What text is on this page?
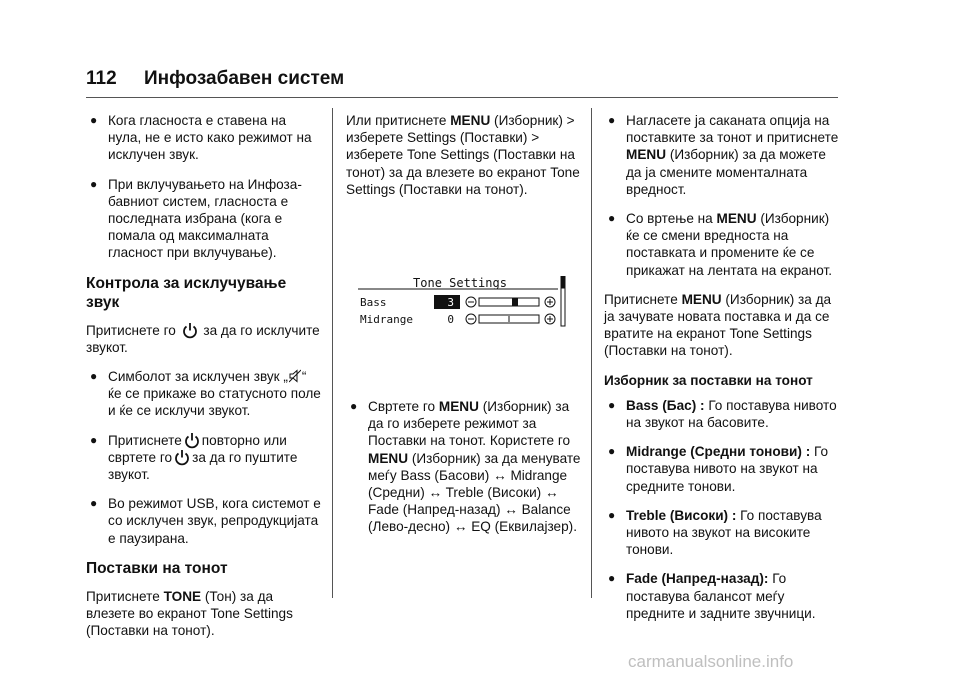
112 Инфозабавен систем
● Кога гласноста е ставена на нула, не е исто како режимот на исклучен звук.
● При вклучувањето на Инфоза-бавниот систем, гласноста е последната избрана (кога е помала од максималната гласност при вклучување).
Контрола за исклучување звук

Притиснете го за да го исклучите звукот.

● Симболот за исклучен звук „ “ ќе се прикаже во статусното поле и ќе се исклучи звукот.
● Притиснете повторно или свртете го за да го пуштите звукот.
● Во режимот USB, кога системот е со исклучен звук, репродукцијата е паузирана.
Поставки на тонот

Притиснете TONE (Тон) за да влезете во екранот Tone Settings (Поставки на тонот).

Или притиснете MENU (Изборник) > изберете Settings (Поставки) > изберете Tone Settings (Поставки на тонот) за да влезете во екранот Tone Settings (Поставки на тонот).

Tone Settings
Bass	3
Midrange	0
● Свртете го MENU (Изборник) за да го изберете режимот за Поставки на тонот. Користете го MENU (Изборник) за да менувате меѓу Bass (Басови) ↔ Midrange (Средни) ↔ Treble (Високи) ↔ Fade (Напред-назад) ↔ Balance (Лево-десно) ↔ EQ (Еквилајзер).
● Нагласете ја саканата опција на поставките за тонот и притиснете MENU (Изборник) за да можете да ја смените моменталната вредност.
● Со вртење на MENU (Изборник) ќе се смени вредноста на поставката и промените ќе се прикажат на лентата на екранот.

Притиснете MENU (Изборник) за да ја зачувате новата поставка и да се вратите на екранот Tone Settings (Поставки на тонот).

Изборник за поставки на тонот
● Bass (Бас) : Го поставува нивото на звукот на басовите.
● Midrange (Средни тонови) : Го поставува нивото на звукот на средните тонови.
● Treble (Високи) : Го поставува нивото на звукот на високите тонови.
● Fade (Напред-назад): Го поставува балансот меѓу предните и задните звучници.
carmanualsonline.info
